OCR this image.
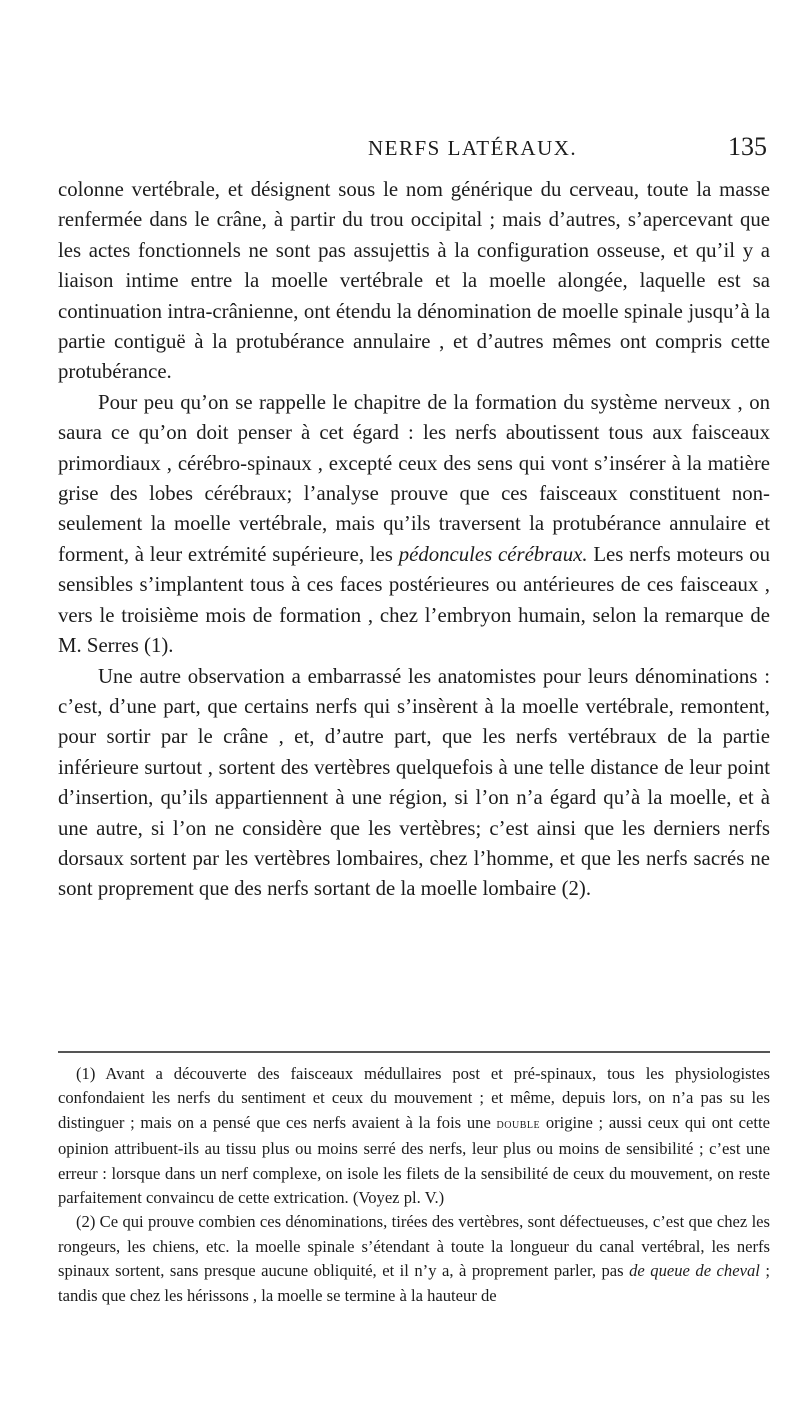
NERFS LATÉRAUX.	135

colonne vertébrale, et désignent sous le nom générique du cerveau, toute la masse renfermée dans le crâne, à partir du trou occipital ; mais d’autres, s’apercevant que les actes fonctionnels ne sont pas assujettis à la configuration osseuse, et qu’il y a liaison intime entre la moelle vertébrale et la moelle alongée, laquelle est sa continuation intra-crânienne, ont étendu la dénomination de moelle spinale jusqu’à la partie contiguë à la protubérance annulaire , et d’autres mêmes ont compris cette protubérance.

Pour peu qu’on se rappelle le chapitre de la formation du système nerveux , on saura ce qu’on doit penser à cet égard : les nerfs aboutissent tous aux faisceaux primordiaux , cérébro-spinaux , excepté ceux des sens qui vont s’insérer à la matière grise des lobes cérébraux; l’analyse prouve que ces faisceaux constituent non-seulement la moelle vertébrale, mais qu’ils traversent la protubérance annulaire et forment, à leur extrémité supérieure, les pédoncules cérébraux. Les nerfs moteurs ou sensibles s’implantent tous à ces faces postérieures ou antérieures de ces faisceaux , vers le troisième mois de formation , chez l’embryon humain, selon la remarque de M. Serres (1).

Une autre observation a embarrassé les anatomistes pour leurs dénominations : c’est, d’une part, que certains nerfs qui s’insèrent à la moelle vertébrale, remontent, pour sortir par le crâne , et, d’autre part, que les nerfs vertébraux de la partie inférieure surtout , sortent des vertèbres quelquefois à une telle distance de leur point d’insertion, qu’ils appartiennent à une région, si l’on n’a égard qu’à la moelle, et à une autre, si l’on ne considère que les vertèbres; c’est ainsi que les derniers nerfs dorsaux sortent par les vertèbres lombaires, chez l’homme, et que les nerfs sacrés ne sont proprement que des nerfs sortant de la moelle lombaire (2).

(1) Avant a découverte des faisceaux médullaires post et pré-spinaux, tous les physiologistes confondaient les nerfs du sentiment et ceux du mouvement ; et même, depuis lors, on n’a pas su les distinguer ; mais on a pensé que ces nerfs avaient à la fois une double origine ; aussi ceux qui ont cette opinion attribuent-ils au tissu plus ou moins serré des nerfs, leur plus ou moins de sensibilité ; c’est une erreur : lorsque dans un nerf complexe, on isole les filets de la sensibilité de ceux du mouvement, on reste parfaitement convaincu de cette extrication. (Voyez pl. V.)

(2) Ce qui prouve combien ces dénominations, tirées des vertèbres, sont défectueuses, c’est que chez les rongeurs, les chiens, etc. la moelle spinale s’étendant à toute la longueur du canal vertébral, les nerfs spinaux sortent, sans presque aucune obliquité, et il n’y a, à proprement parler, pas de queue de cheval ; tandis que chez les hérissons , la moelle se termine à la hauteur de
